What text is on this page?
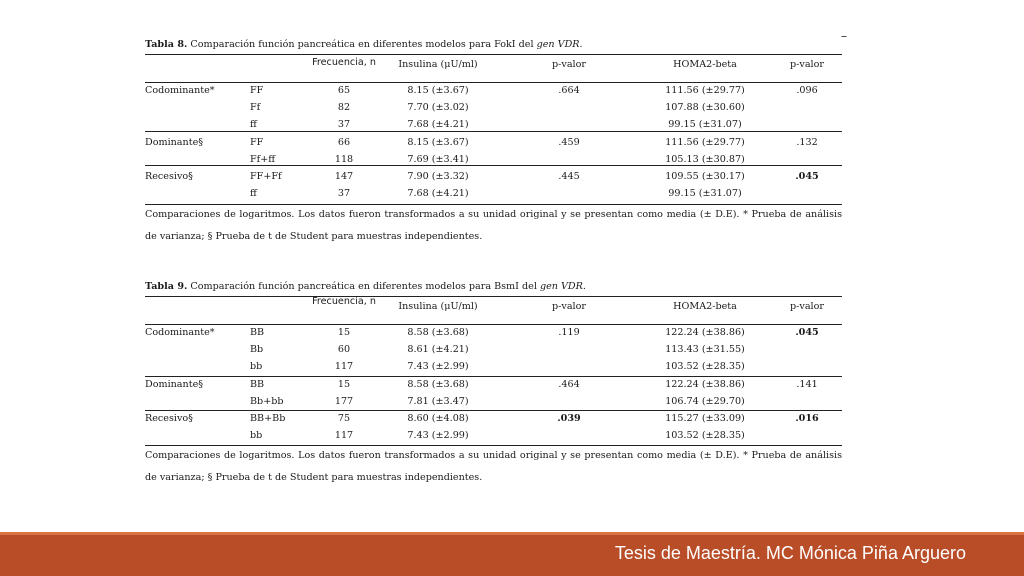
–
Tabla 8. Comparación función pancreática en diferentes modelos para FokI del gen VDR.
Frecuencia, n Insulina (μU/ml)	p-valor	HOMA2-beta	p-valor
Codominante*	FF	65	8.15 (±3.67)	.664	111.56 (±29.77)	.096
Ff	82	7.70 (±3.02)	107.88 (±30.60)
ff	37	7.68 (±4.21)	99.15 (±31.07)
Dominante§	FF	66	8.15 (±3.67)	.459	111.56 (±29.77)	.132
Ff+ff	118	7.69 (±3.41)	105.13 (±30.87)
Recesivo§	FF+Ff	147	7.90 (±3.32)	.445	109.55 (±30.17)	.045
ff	37	7.68 (±4.21)	99.15 (±31.07)
Comparaciones de logaritmos. Los datos fueron transformados a su unidad original y se presentan como media (± D.E). * Prueba de análisis de varianza; § Prueba de t de Student para muestras independientes.
Tabla 9. Comparación función pancreática en diferentes modelos para BsmI del gen VDR.
Frecuencia, n Insulina (μU/ml)	p-valor	HOMA2-beta	p-valor
Codominante*	BB	15	8.58 (±3.68)	.119	122.24 (±38.86)	.045
Bb	60	8.61 (±4.21)	113.43 (±31.55)
bb	117	7.43 (±2.99)	103.52 (±28.35)
Dominante§	BB	15	8.58 (±3.68)	.464	122.24 (±38.86)	.141
Bb+bb	177	7.81 (±3.47)	106.74 (±29.70)
Recesivo§	BB+Bb	75	8.60 (±4.08)	.039	115.27 (±33.09)	.016
bb	117	7.43 (±2.99)	103.52 (±28.35)
Comparaciones de logaritmos. Los datos fueron transformados a su unidad original y se presentan como media (± D.E). * Prueba de análisis de varianza; § Prueba de t de Student para muestras independientes.
Tesis de Maestría. MC Mónica Piña Arguero
